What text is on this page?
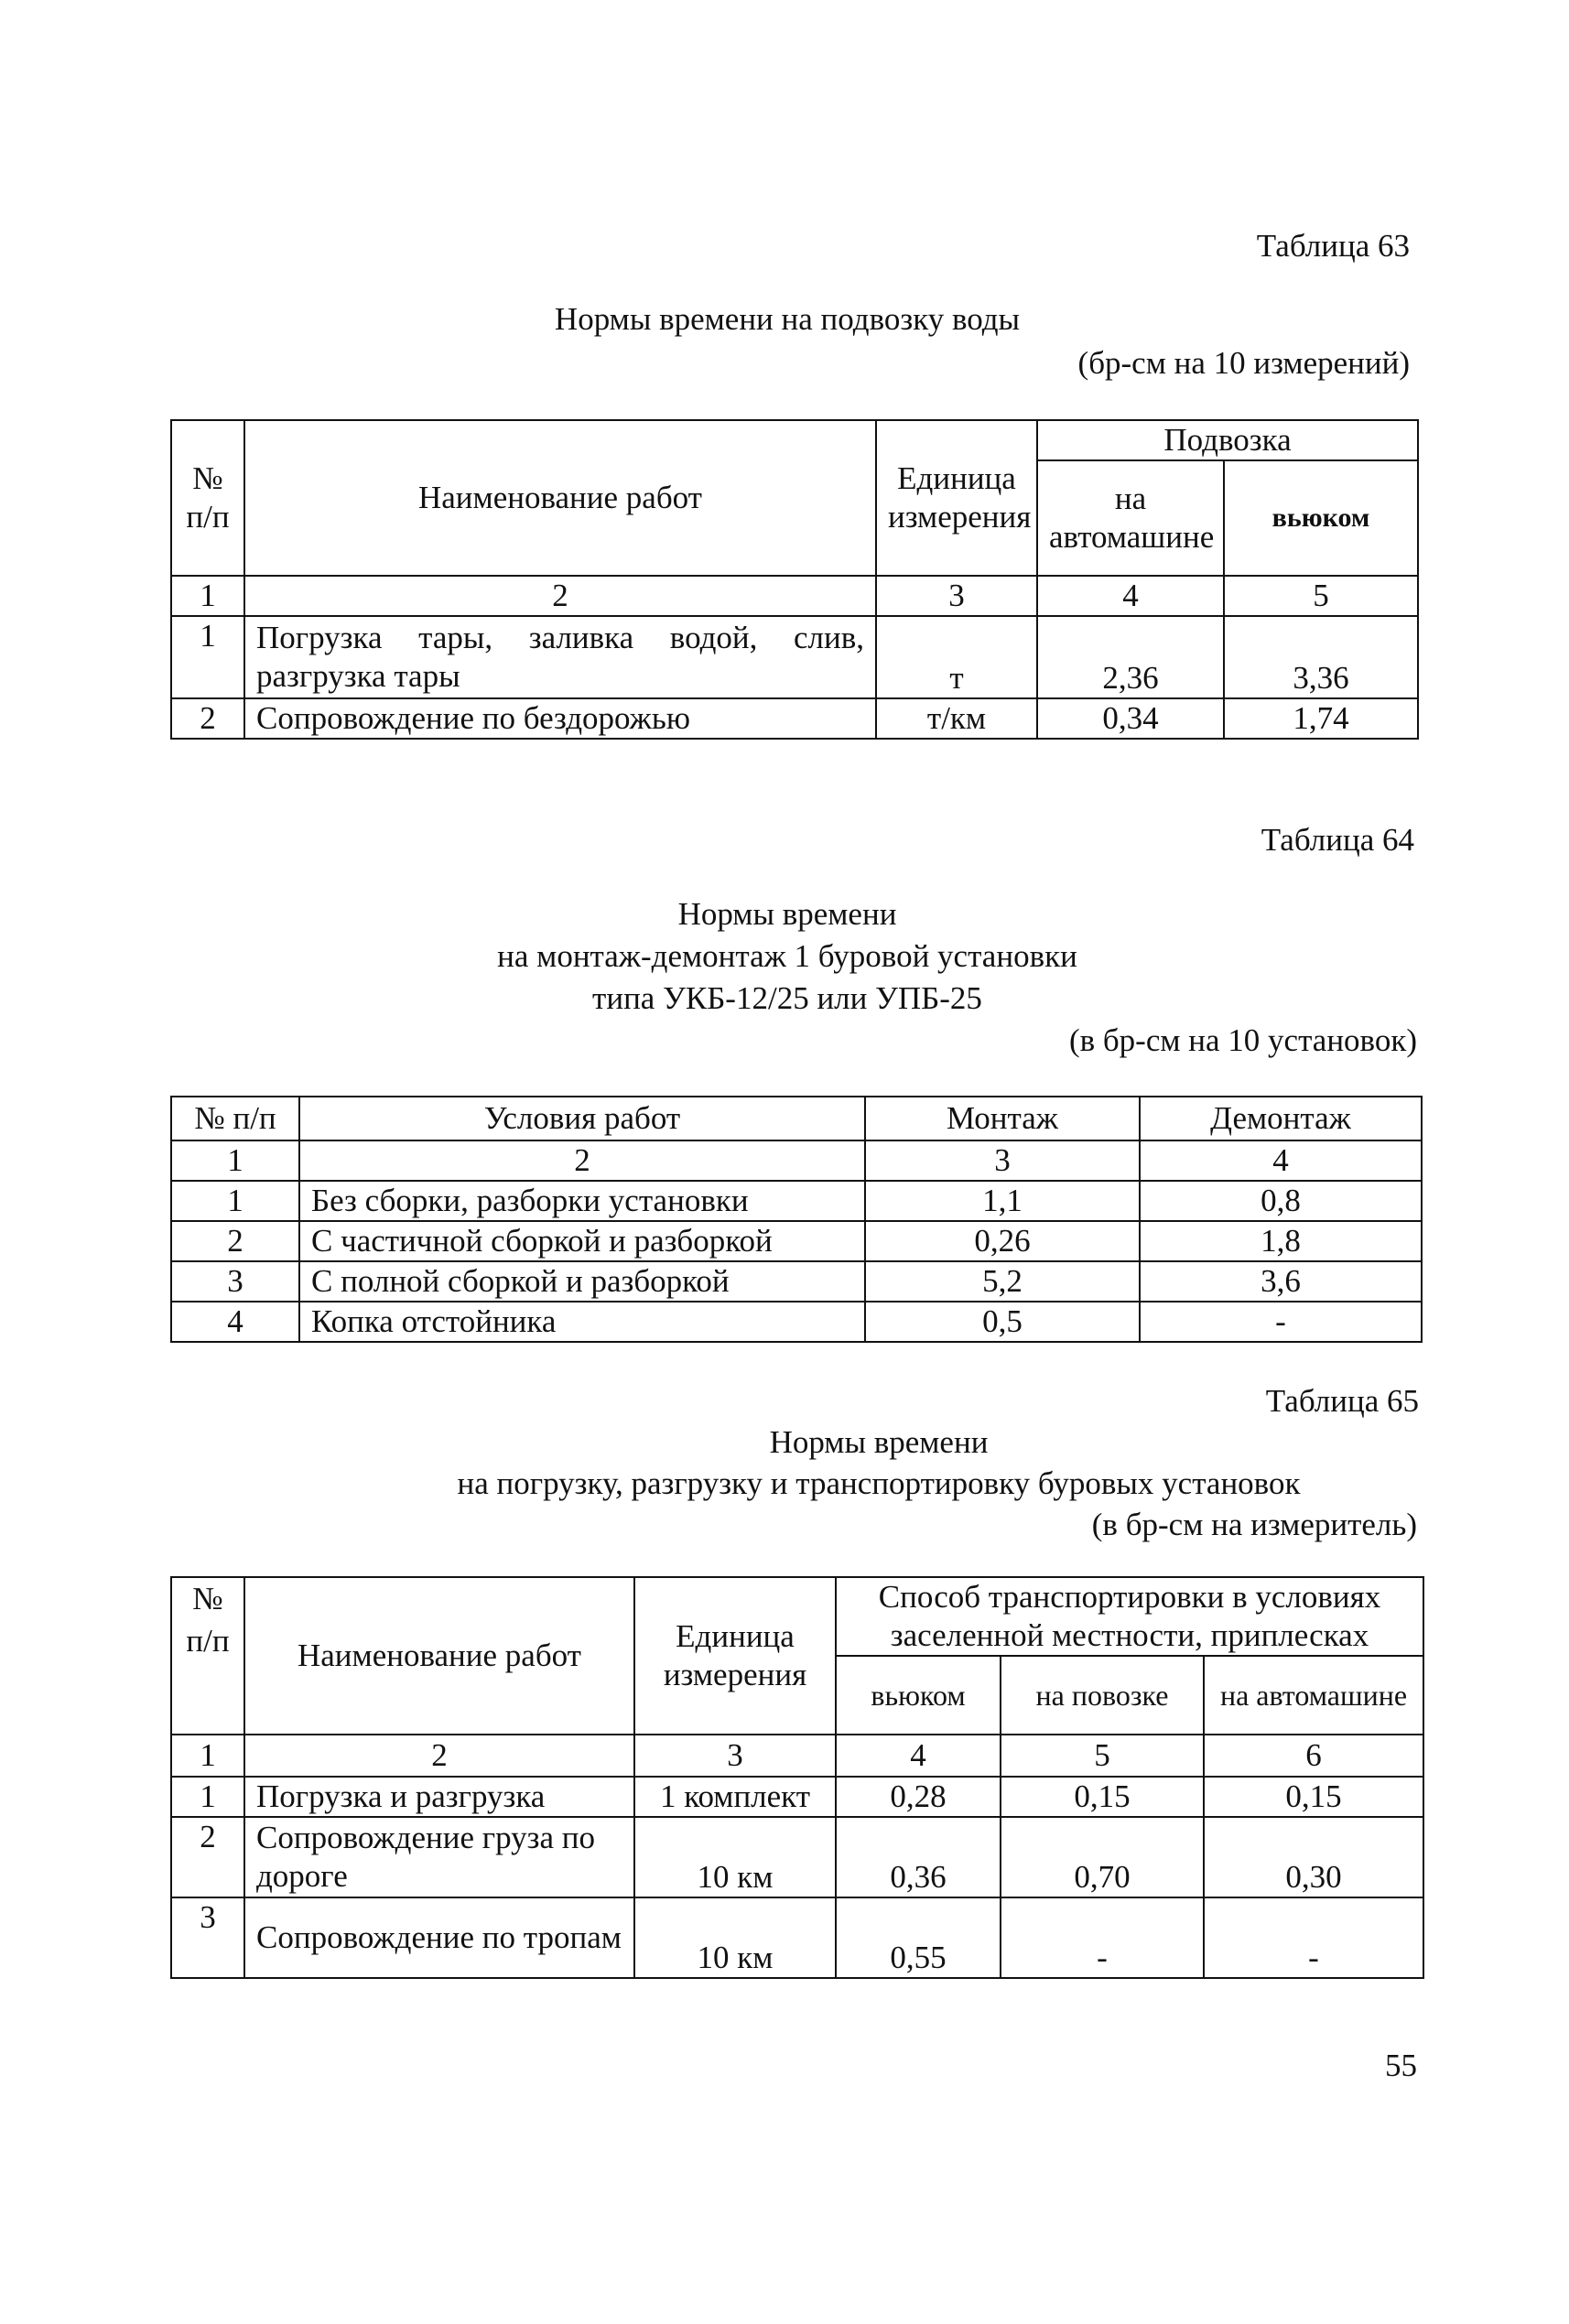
Таблица 63
Нормы времени на подвозку воды
(бр-см на 10 измерений)
№ п/п	Наименование работ	Единица измерения	Подвозка	
			на автомашине	вьюком
1	2	3	4	5
1	Погрузка тары, заливка водой, слив, разгрузка тары	т	2,36	3,36
2	Сопровождение по бездорожью	т/км	0,34	1,74
Таблица 64
Нормы времени
на монтаж-демонтаж 1 буровой установки
типа УКБ-12/25 или УПБ-25
(в бр-см на 10 установок)
№ п/п	Условия работ	Монтаж	Демонтаж
1	2	3	4
1	Без сборки, разборки установки	1,1	0,8
2	С частичной сборкой и разборкой	0,26	1,8
3	С полной сборкой и разборкой	5,2	3,6
4	Копка отстойника	0,5	-
Таблица 65
Нормы времени
на погрузку, разгрузку и транспортировку буровых установок
(в бр-см на измеритель)
№ п/п	Наименование работ	Единица измерения	Способ транспортировки в условиях заселенной местности, приплесках		
			вьюком	на повозке	на автомашине
1	2	3	4	5	6
1	Погрузка и разгрузка	1 комплект	0,28	0,15	0,15
2	Сопровождение груза по дороге	10 км	0,36	0,70	0,30
3	Сопровождение по тропам	10 км	0,55	-	-
55
